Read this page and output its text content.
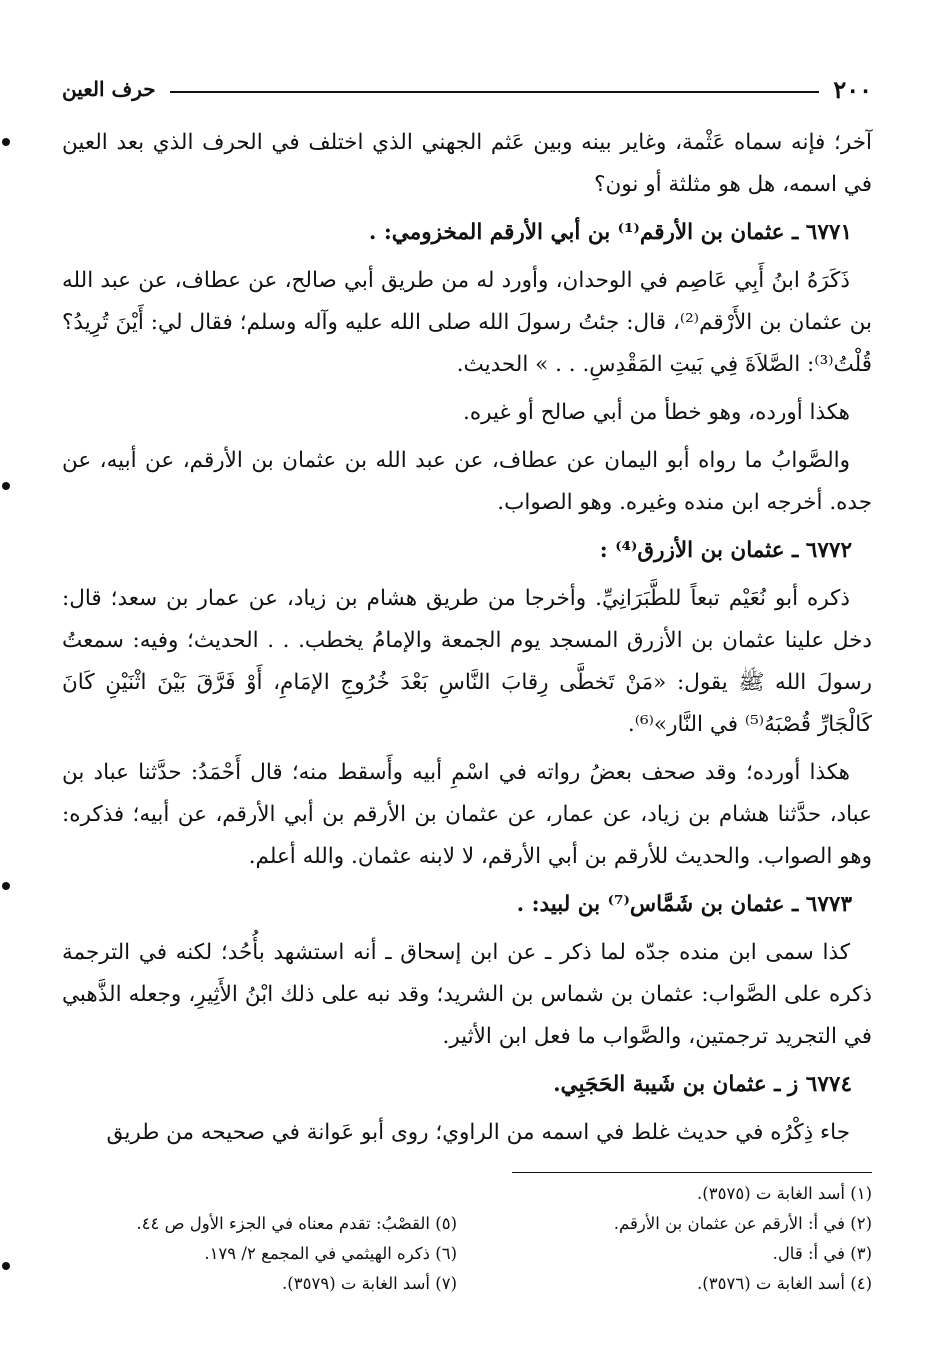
٢٠٠
حرف العين

آخر؛ فإنه سماه عَثْمة، وغاير بينه وبين عَثم الجهني الذي اختلف في الحرف الذي بعد العين في اسمه، هل هو مثلثة أو نون؟

٦٧٧١ ـ عثمان بن الأرقم⁽¹⁾ بن أبي الأرقم المخزومي: .

ذَكَرَهُ ابنُ أَبِي عَاصِم في الوحدان، وأورد له من طريق أبي صالح، عن عطاف، عن عبد الله بن عثمان بن الأَرْقم⁽²⁾، قال: جئتُ رسولَ الله صلى الله عليه وآله وسلم؛ فقال لي: أَيْنَ تُرِيدُ؟ قُلْتُ⁽³⁾: الصَّلاَةَ فِي بَيتِ المَقْدِسِ. . . » الحديث.

هكذا أورده، وهو خطأ من أبي صالح أو غيره.

والصَّوابُ ما رواه أبو اليمان عن عطاف، عن عبد الله بن عثمان بن الأرقم، عن أبيه، عن جده. أخرجه ابن منده وغيره. وهو الصواب.

٦٧٧٢ ـ عثمان بن الأزرق⁽⁴⁾ :

ذكره أبو نُعَيْم تبعاً للطَّبَرَانِيِّ. وأخرجا من طريق هشام بن زياد، عن عمار بن سعد؛ قال: دخل علينا عثمان بن الأزرق المسجد يوم الجمعة والإمامُ يخطب. . . الحديث؛ وفيه: سمعتُ رسولَ الله ﷺ يقول: «مَنْ تَخطَّى رِقابَ النَّاسِ بَعْدَ خُرُوجِ الإمَامِ، أَوْ فَرَّقَ بَيْنَ اثْنَيْنِ كَانَ كَالْجَارِّ قُصْبَهُ⁽⁵⁾ في النَّار»⁽⁶⁾.

هكذا أورده؛ وقد صحف بعضُ رواته في اسْمِ أبيه وأَسقط منه؛ قال أَحْمَدُ: حدَّثنا عباد بن عباد، حدَّثنا هشام بن زياد، عن عمار، عن عثمان بن الأرقم بن أبي الأرقم، عن أبيه؛ فذكره: وهو الصواب. والحديث للأرقم بن أبي الأرقم، لا لابنه عثمان. والله أعلم.

٦٧٧٣ ـ عثمان بن شَمَّاس⁽⁷⁾ بن لبيد: .

كذا سمى ابن منده جدّه لما ذكر ـ عن ابن إسحاق ـ أنه استشهد بأُحُد؛ لكنه في الترجمة ذكره على الصَّواب: عثمان بن شماس بن الشريد؛ وقد نبه على ذلك ابْنُ الأَثِيرِ، وجعله الذَّهبي في التجريد ترجمتين، والصَّواب ما فعل ابن الأثير.

٦٧٧٤ ز ـ عثمان بن شَيبة الحَجَبِي.

جاء ذِكْرُه في حديث غلط في اسمه من الراوي؛ روى أبو عَوانة في صحيحه من طريق

(١) أسد الغابة ت (٣٥٧٥).
(٢) في أ: الأرقم عن عثمان بن الأرقم.
(٣) في أ: قال.
(٤) أسد الغابة ت (٣٥٧٦).
(٥) القصْبُ: تقدم معناه في الجزء الأول ص ٤٤.
(٦) ذكره الهيثمي في المجمع ٢/ ١٧٩.
(٧) أسد الغابة ت (٣٥٧٩).
